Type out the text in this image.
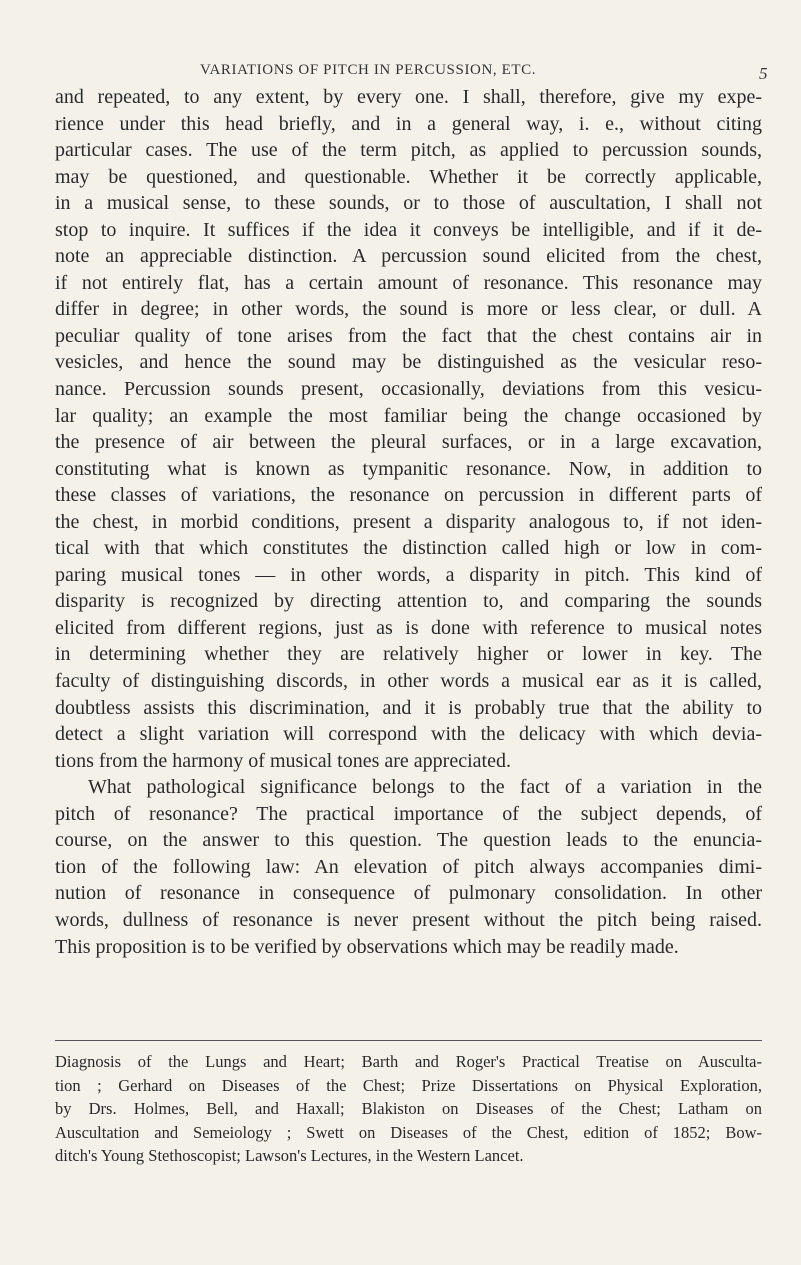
VARIATIONS OF PITCH IN PERCUSSION, ETC.	5
and repeated, to any extent, by every one. I shall, therefore, give my expe-
rience under this head briefly, and in a general way, i. e., without citing
particular cases. The use of the term pitch, as applied to percussion sounds,
may be questioned, and questionable. Whether it be correctly applicable,
in a musical sense, to these sounds, or to those of auscultation, I shall not
stop to inquire. It suffices if the idea it conveys be intelligible, and if it de-
note an appreciable distinction. A percussion sound elicited from the chest,
if not entirely flat, has a certain amount of resonance. This resonance may
differ in degree; in other words, the sound is more or less clear, or dull. A
peculiar quality of tone arises from the fact that the chest contains air in
vesicles, and hence the sound may be distinguished as the vesicular reso-
nance. Percussion sounds present, occasionally, deviations from this vesicu-
lar quality; an example the most familiar being the change occasioned by
the presence of air between the pleural surfaces, or in a large excavation,
constituting what is known as tympanitic resonance. Now, in addition to
these classes of variations, the resonance on percussion in different parts of
the chest, in morbid conditions, present a disparity analogous to, if not iden-
tical with that which constitutes the distinction called high or low in com-
paring musical tones — in other words, a disparity in pitch. This kind of
disparity is recognized by directing attention to, and comparing the sounds
elicited from different regions, just as is done with reference to musical notes
in determining whether they are relatively higher or lower in key. The
faculty of distinguishing discords, in other words a musical ear as it is called,
doubtless assists this discrimination, and it is probably true that the ability to
detect a slight variation will correspond with the delicacy with which devia-
tions from the harmony of musical tones are appreciated.
What pathological significance belongs to the fact of a variation in the
pitch of resonance? The practical importance of the subject depends, of
course, on the answer to this question. The question leads to the enuncia-
tion of the following law: An elevation of pitch always accompanies dimi-
nution of resonance in consequence of pulmonary consolidation. In other
words, dullness of resonance is never present without the pitch being raised.
This proposition is to be verified by observations which may be readily made.
Diagnosis of the Lungs and Heart; Barth and Roger's Practical Treatise on Ausculta-
tion ; Gerhard on Diseases of the Chest; Prize Dissertations on Physical Exploration,
by Drs. Holmes, Bell, and Haxall; Blakiston on Diseases of the Chest; Latham on
Auscultation and Semeiology ; Swett on Diseases of the Chest, edition of 1852; Bow-
ditch's Young Stethoscopist; Lawson's Lectures, in the Western Lancet.
